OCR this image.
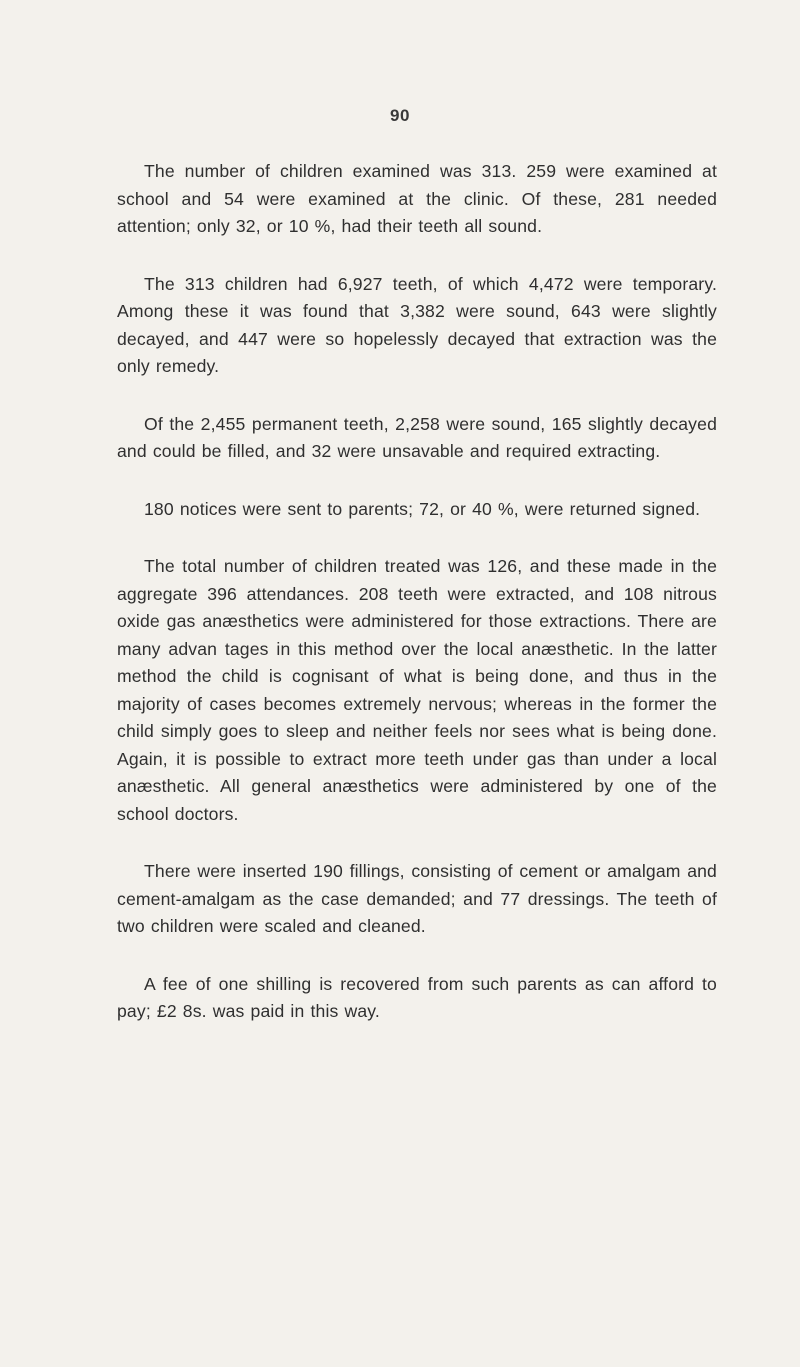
90

The number of children examined was 313. 259 were examined at school and 54 were examined at the clinic. Of these, 281 needed attention; only 32, or 10 %, had their teeth all sound.

The 313 children had 6,927 teeth, of which 4,472 were temporary. Among these it was found that 3,382 were sound, 643 were slightly decayed, and 447 were so hopelessly decayed that extraction was the only remedy.

Of the 2,455 permanent teeth, 2,258 were sound, 165 slightly decayed and could be filled, and 32 were unsavable and required extracting.

180 notices were sent to parents; 72, or 40 %, were returned signed.

The total number of children treated was 126, and these made in the aggregate 396 attendances. 208 teeth were extracted, and 108 nitrous oxide gas anæsthetics were administered for those extractions. There are many advan tages in this method over the local anæsthetic. In the latter method the child is cognisant of what is being done, and thus in the majority of cases becomes extremely nervous; whereas in the former the child simply goes to sleep and neither feels nor sees what is being done. Again, it is possible to extract more teeth under gas than under a local anæsthetic. All general anæsthetics were administered by one of the school doctors.

There were inserted 190 fillings, consisting of cement or amalgam and cement-amalgam as the case demanded; and 77 dressings. The teeth of two children were scaled and cleaned.

A fee of one shilling is recovered from such parents as can afford to pay; £2 8s. was paid in this way.
